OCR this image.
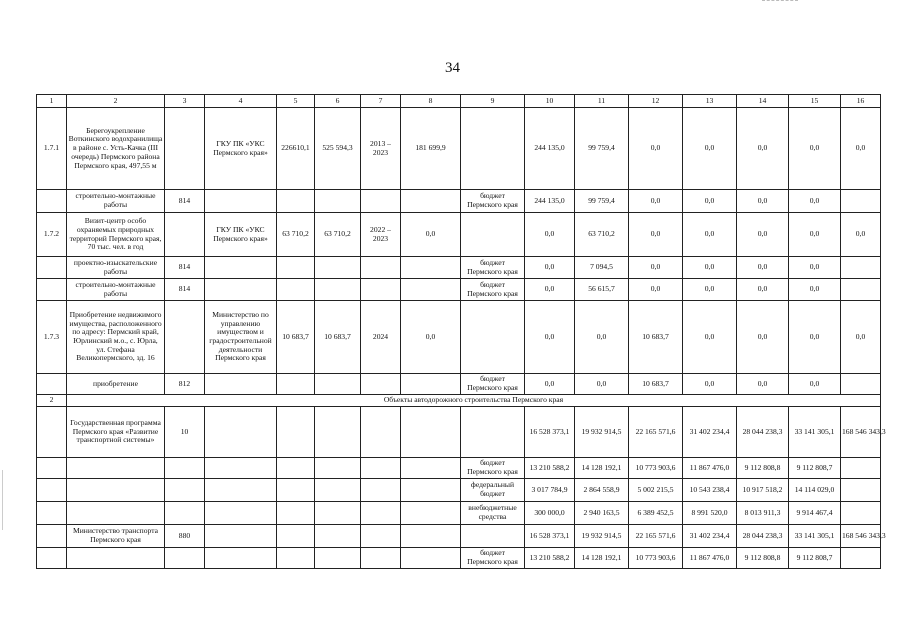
34
1	2	3	4	5	6	7	8	9	10	11	12	13	14	15	16
1.7.1	Берегоукрепление Воткинского водохранилища в районе с. Усть-Качка (III очередь) Пермского района Пермского края, 497,55 м		ГКУ ПК «УКС Пермского края»	226610,1	525 594,3	2013 – 2023	181 699,9		244 135,0	99 759,4	0,0	0,0	0,0	0,0	0,0
	строительно-монтажные работы	814						бюджет Пермского края	244 135,0	99 759,4	0,0	0,0	0,0	0,0	
1.7.2	Визит-центр особо охраняемых природных территорий Пермского края, 70 тыс. чел. в год		ГКУ ПК «УКС Пермского края»	63 710,2	63 710,2	2022 – 2023	0,0		0,0	63 710,2	0,0	0,0	0,0	0,0	0,0
	проектно-изыскательские работы	814						бюджет Пермского края	0,0	7 094,5	0,0	0,0	0,0	0,0	
	строительно-монтажные работы	814						бюджет Пермского края	0,0	56 615,7	0,0	0,0	0,0	0,0	
1.7.3	Приобретение недвижимого имущества, расположенного по адресу: Пермский край, Юрлинский м.о., с. Юрла, ул. Стефана Великопермского, зд. 16		Министерство по управлению имуществом и градостроительной деятельности Пермского края	10 683,7	10 683,7	2024	0,0		0,0	0,0	10 683,7	0,0	0,0	0,0	0,0
	приобретение	812						бюджет Пермского края	0,0	0,0	10 683,7	0,0	0,0	0,0	
2	Объекты автодорожного строительства Пермского края														
	Государственная программа Пермского края «Развитие транспортной системы»	10							16 528 373,1	19 932 914,5	22 165 571,6	31 402 234,4	28 044 238,3	33 141 305,1	168 546 343,3
								бюджет Пермского края	13 210 588,2	14 128 192,1	10 773 903,6	11 867 476,0	9 112 808,8	9 112 808,7	
								федеральный бюджет	3 017 784,9	2 864 558,9	5 002 215,5	10 543 238,4	10 917 518,2	14 114 029,0	
								внебюджетные средства	300 000,0	2 940 163,5	6 389 452,5	8 991 520,0	8 013 911,3	9 914 467,4	
	Министерство транспорта Пермского края	880							16 528 373,1	19 932 914,5	22 165 571,6	31 402 234,4	28 044 238,3	33 141 305,1	168 546 343,3
								бюджет Пермского края	13 210 588,2	14 128 192,1	10 773 903,6	11 867 476,0	9 112 808,8	9 112 808,7	
